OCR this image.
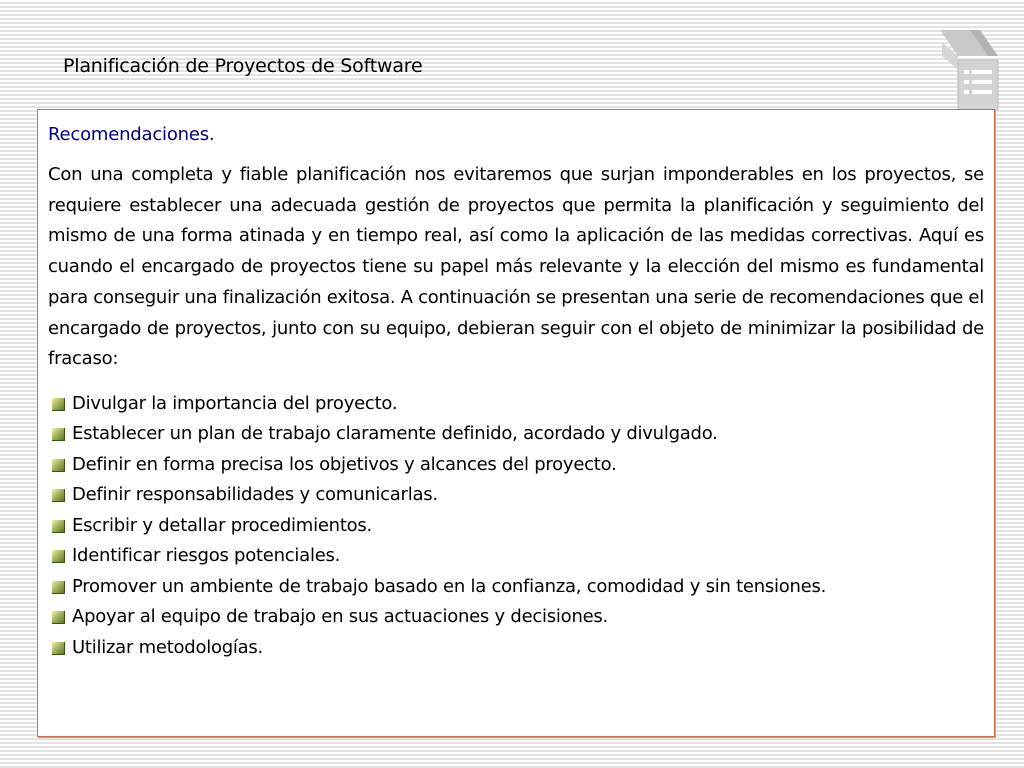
Planificación de Proyectos de Software
Recomendaciones.

Con una completa y fiable planificación nos evitaremos que surjan imponderables en los proyectos, se requiere establecer una adecuada gestión de proyectos que permita la planificación y seguimiento del mismo de una forma atinada y en tiempo real, así como la aplicación de las medidas correctivas. Aquí es cuando el encargado de proyectos tiene su papel más relevante y la elección del mismo es fundamental para conseguir una finalización exitosa. A continuación se presentan una serie de recomendaciones que el encargado de proyectos, junto con su equipo, debieran seguir con el objeto de minimizar la posibilidad de fracaso:

Divulgar la importancia del proyecto.
Establecer un plan de trabajo claramente definido, acordado y divulgado.
Definir en forma precisa los objetivos y alcances del proyecto.
Definir responsabilidades y comunicarlas.
Escribir y detallar procedimientos.
Identificar riesgos potenciales.
Promover un ambiente de trabajo basado en la confianza, comodidad y sin tensiones.
Apoyar al equipo de trabajo en sus actuaciones y decisiones.
Utilizar metodologías.
